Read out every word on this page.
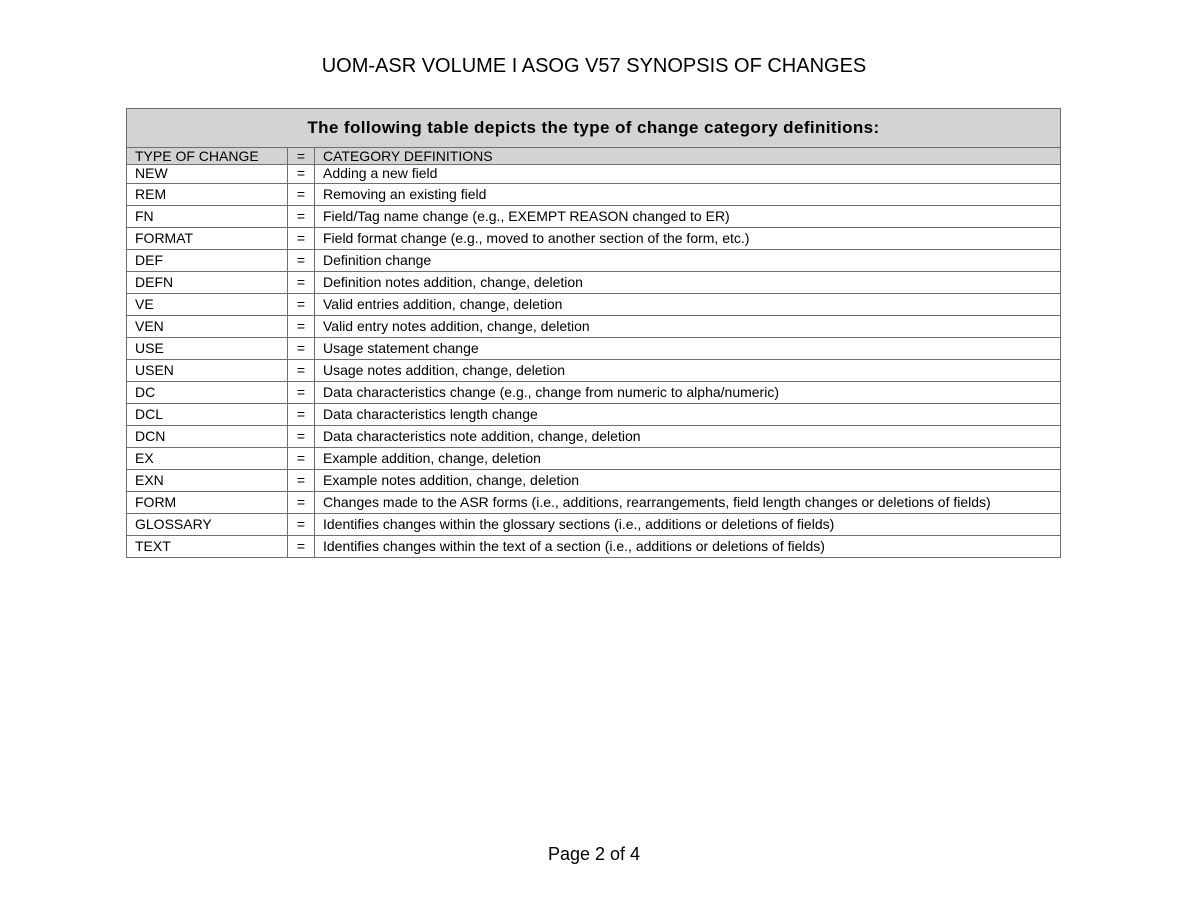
UOM-ASR VOLUME I ASOG V57 SYNOPSIS OF CHANGES
The following table depicts the type of change category definitions:		
TYPE OF CHANGE	=	CATEGORY DEFINITIONS
NEW	=	Adding a new field
REM	=	Removing an existing field
FN	=	Field/Tag name change (e.g., EXEMPT REASON changed to ER)
FORMAT	=	Field format change (e.g., moved to another section of the form, etc.)
DEF	=	Definition change
DEFN	=	Definition notes addition, change, deletion
VE	=	Valid entries addition, change, deletion
VEN	=	Valid entry notes addition, change, deletion
USE	=	Usage statement change
USEN	=	Usage notes addition, change, deletion
DC	=	Data characteristics change (e.g., change from numeric to alpha/numeric)
DCL	=	Data characteristics length change
DCN	=	Data characteristics note addition, change, deletion
EX	=	Example addition, change, deletion
EXN	=	Example notes addition, change, deletion
FORM	=	Changes made to the ASR forms (i.e., additions, rearrangements, field length changes or deletions of fields)
GLOSSARY	=	Identifies changes within the glossary sections (i.e., additions or deletions of fields)
TEXT	=	Identifies changes within the text of a section (i.e., additions or deletions of fields)
Page 2 of 4
